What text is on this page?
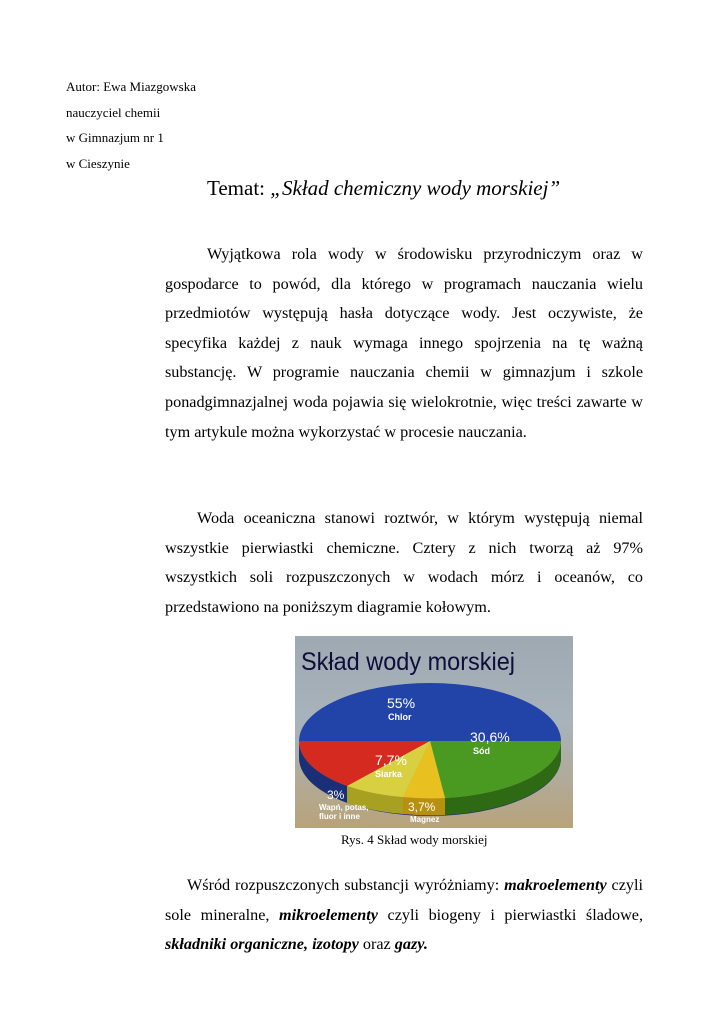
Autor: Ewa Miazgowska
nauczyciel chemii
w Gimnazjum nr 1
w Cieszynie
Temat: „Skład chemiczny wody morskiej”
Wyjątkowa rola wody w środowisku przyrodniczym oraz w gospodarce to powód, dla którego w programach nauczania wielu przedmiotów występują hasła dotyczące wody. Jest oczywiste, że specyfika każdej z nauk wymaga innego spojrzenia na tę ważną substancję. W programie nauczania chemii w gimnazjum i szkole ponadgimnazjalnej woda pojawia się wielokrotnie, więc treści zawarte w tym artykule można wykorzystać w procesie nauczania.
Woda oceaniczna stanowi roztwór, w którym występują niemal wszystkie pierwiastki chemiczne. Cztery z nich tworzą aż 97% wszystkich soli rozpuszczonych w wodach mórz i oceanów, co przedstawiono na poniższym diagramie kołowym.
Skład wody morskiej
55%
Chlor
30,6%
Sód
7,7%
Siarka
3%
Wapń, potas,
fluor i inne
3,7%
Magnez
Rys. 4 Skład wody morskiej
Wśród rozpuszczonych substancji wyróżniamy: makroelementy czyli sole mineralne, mikroelementy czyli biogeny i pierwiastki śladowe, składniki organiczne, izotopy oraz gazy.
